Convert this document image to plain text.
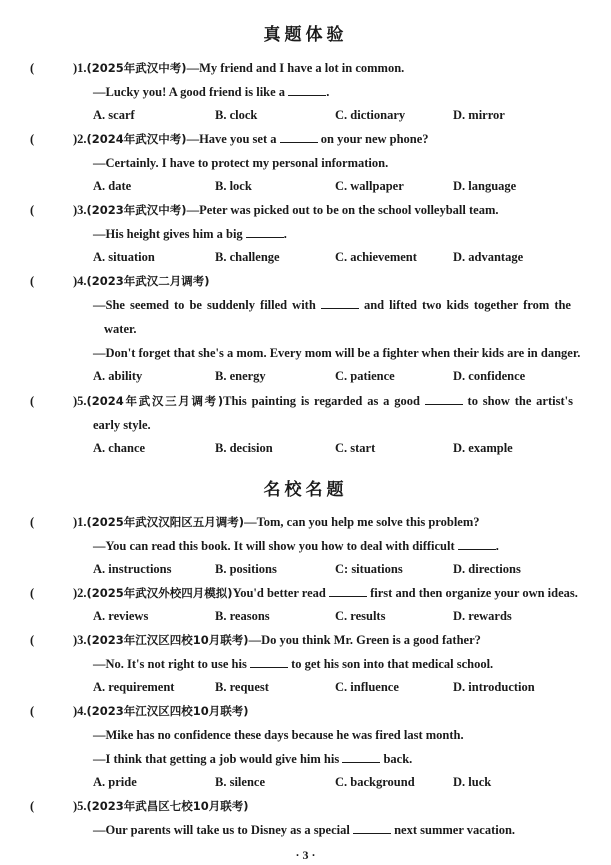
真题体验
(	)1.(2025年武汉中考)—My friend and I have a lot in common.
—Lucky you! A good friend is like a	.
A. scarf	B. clock	C. dictionary	D. mirror
(	)2.(2024年武汉中考)—Have you set a	on your new phone?
—Certainly. I have to protect my personal information.
A. date	B. lock	C. wallpaper	D. language
(	)3.(2023年武汉中考)—Peter was picked out to be on the school volleyball team.
—His height gives him a big	.
A. situation	B. challenge	C. achievement	D. advantage
(	)4.(2023年武汉二月调考)
—She seemed to be suddenly filled with	and lifted two kids together from the
water.
—Don't forget that she's a mom. Every mom will be a fighter when their kids are in danger.
A. ability	B. energy	C. patience	D. confidence
(	)5.(2024年武汉三月调考)This painting is regarded as a good	to show the artist's
early style.
A. chance	B. decision	C. start	D. example
名校名题
(	)1.(2025年武汉汉阳区五月调考)—Tom, can you help me solve this problem?
—You can read this book. It will show you how to deal with difficult	.
A. instructions	B. positions	C: situations	D. directions
(	)2.(2025年武汉外校四月模拟)You'd better read	first and then organize your own ideas.
A. reviews	B. reasons	C. results	D. rewards
(	)3.(2023年江汉区四校10月联考)—Do you think Mr. Green is a good father?
—No. It's not right to use his	to get his son into that medical school.
A. requirement	B. request	C. influence	D. introduction
(	)4.(2023年江汉区四校10月联考)
—Mike has no confidence these days because he was fired last month.
—I think that getting a job would give him his	back.
A. pride	B. silence	C. background	D. luck
(	)5.(2023年武昌区七校10月联考)
—Our parents will take us to Disney as a special	next summer vacation.
· 3 ·
